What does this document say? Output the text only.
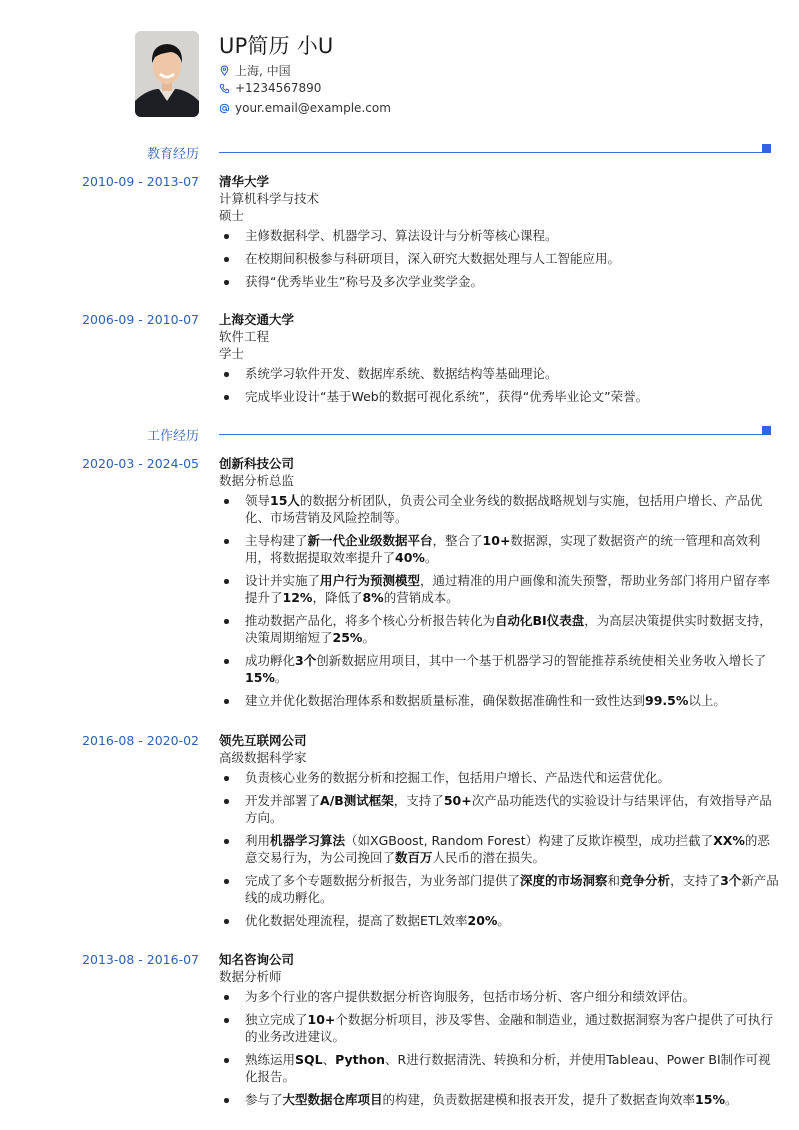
UP简历 小U
上海, 中国
+1234567890
your.email@example.com
教育经历
2010-09 - 2013-07 清华大学
计算机科学与技术
硕士
主修数据科学、机器学习、算法设计与分析等核心课程。
在校期间积极参与科研项目，深入研究大数据处理与人工智能应用。
获得“优秀毕业生”称号及多次学业奖学金。
2006-09 - 2010-07 上海交通大学
软件工程
学士
系统学习软件开发、数据库系统、数据结构等基础理论。
完成毕业设计“基于Web的数据可视化系统”，获得“优秀毕业论文”荣誉。
工作经历
2020-03 - 2024-05 创新科技公司
数据分析总监
领导15人的数据分析团队，负责公司全业务线的数据战略规划与实施，包括用户增长、产品优化、市场营销及风险控制等。
主导构建了新一代企业级数据平台，整合了10+数据源，实现了数据资产的统一管理和高效利用，将数据提取效率提升了40%。
设计并实施了用户行为预测模型，通过精准的用户画像和流失预警，帮助业务部门将用户留存率提升了12%，降低了8%的营销成本。
推动数据产品化，将多个核心分析报告转化为自动化BI仪表盘，为高层决策提供实时数据支持，决策周期缩短了25%。
成功孵化3个创新数据应用项目，其中一个基于机器学习的智能推荐系统使相关业务收入增长了15%。
建立并优化数据治理体系和数据质量标准，确保数据准确性和一致性达到99.5%以上。
2016-08 - 2020-02 领先互联网公司
高级数据科学家
负责核心业务的数据分析和挖掘工作，包括用户增长、产品迭代和运营优化。
开发并部署了A/B测试框架，支持了50+次产品功能迭代的实验设计与结果评估，有效指导产品方向。
利用机器学习算法（如XGBoost, Random Forest）构建了反欺诈模型，成功拦截了XX%的恶意交易行为，为公司挽回了数百万人民币的潜在损失。
完成了多个专题数据分析报告，为业务部门提供了深度的市场洞察和竞争分析，支持了3个新产品线的成功孵化。
优化数据处理流程，提高了数据ETL效率20%。
2013-08 - 2016-07 知名咨询公司
数据分析师
为多个行业的客户提供数据分析咨询服务，包括市场分析、客户细分和绩效评估。
独立完成了10+个数据分析项目，涉及零售、金融和制造业，通过数据洞察为客户提供了可执行的业务改进建议。
熟练运用SQL、Python、R进行数据清洗、转换和分析，并使用Tableau、Power BI制作可视化报告。
参与了大型数据仓库项目的构建，负责数据建模和报表开发，提升了数据查询效率15%。
